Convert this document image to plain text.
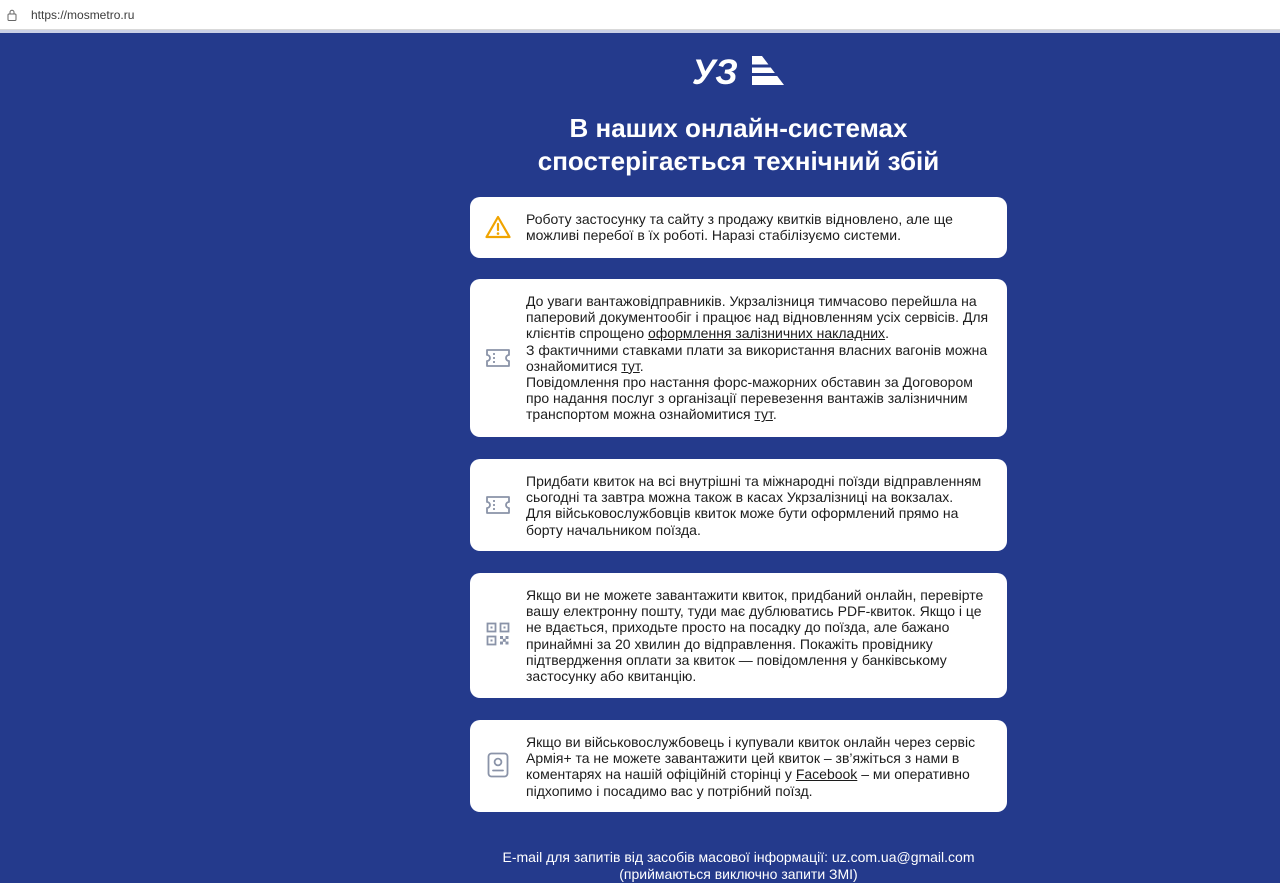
https://mosmetro.ru
УЗ
В наших онлайн-системах
спостерігається технічний збій

Роботу застосунку та сайту з продажу квитків відновлено, але ще

можливі перебої в їх роботі. Наразі стабілізуємо системи.

До уваги вантажовідправників. Укрзалізниця тимчасово перейшла на паперовий документообіг і працює над відновленням усіх сервісів. Для клієнтів спрощено оформлення залізничних накладних.

З фактичними ставками плати за використання власних вагонів можна ознайомитися тут.

Повідомлення про настання форс-мажорних обставин за Договором про надання послуг з організації перевезення вантажів залізничним транспортом можна ознайомитися тут.

Придбати квиток на всі внутрішні та міжнародні поїзди відправленням сьогодні та завтра можна також в касах Укрзалізниці на вокзалах.

Для військовослужбовців квиток може бути оформлений прямо на борту начальником поїзда.

Якщо ви не можете завантажити квиток, придбаний онлайн, перевірте вашу електронну пошту, туди має дублюватись PDF-квиток. Якщо і це не вдається, приходьте просто на посадку до поїзда, але бажано принаймні за 20 хвилин до відправлення. Покажіть провіднику підтвердження оплати за квиток — повідомлення у банківському застосунку або квитанцію.

Якщо ви військовослужбовець і купували квиток онлайн через сервіс Армія+ та не можете завантажити цей квиток – зв’яжіться з нами в коментарях на нашій офіційній сторінці у Facebook – ми оперативно підхопимо і посадимо вас у потрібний поїзд.

E-mail для запитів від засобів масової інформації: uz.com.ua@gmail.com
(приймаються виключно запити ЗМІ)
